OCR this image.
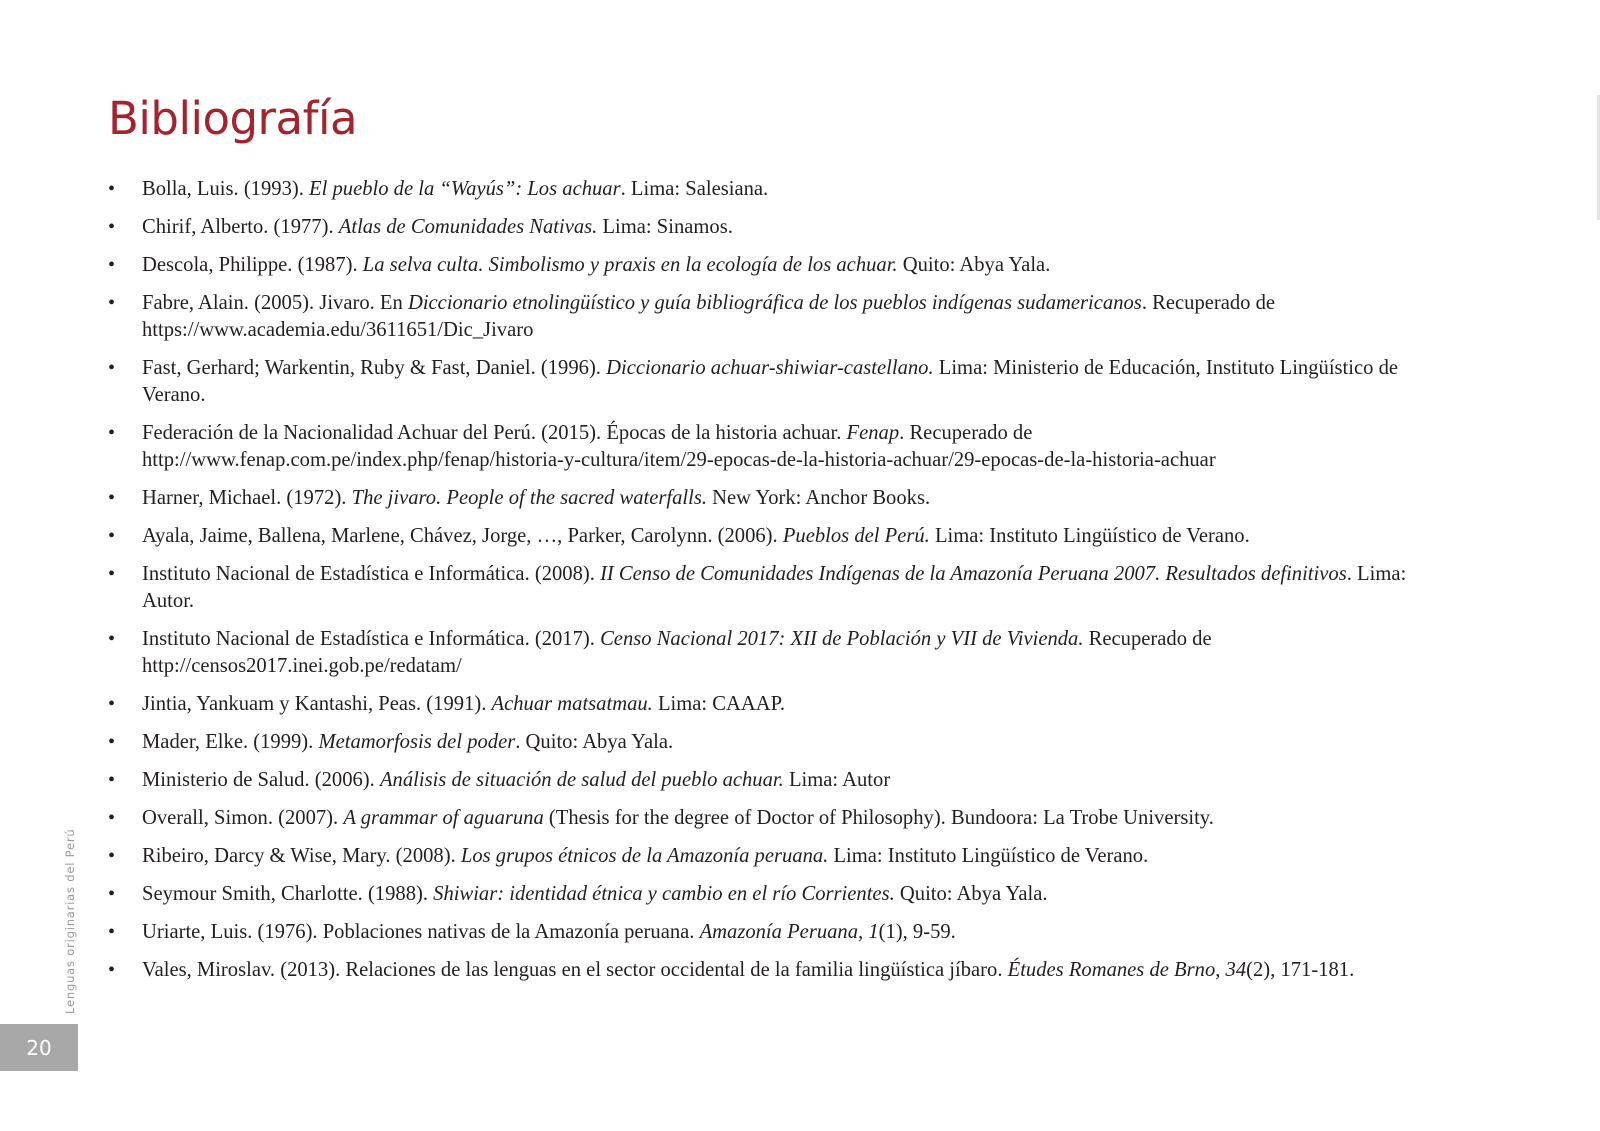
Bibliografía
• Bolla, Luis. (1993). El pueblo de la “Wayús”: Los achuar. Lima: Salesiana.
• Chirif, Alberto. (1977). Atlas de Comunidades Nativas. Lima: Sinamos.
• Descola, Philippe. (1987). La selva culta. Simbolismo y praxis en la ecología de los achuar. Quito: Abya Yala.
• Fabre, Alain. (2005). Jivaro. En Diccionario etnolingüístico y guía bibliográfica de los pueblos indígenas sudamericanos. Recuperado de https://www.academia.edu/3611651/Dic_Jivaro
• Fast, Gerhard; Warkentin, Ruby & Fast, Daniel. (1996). Diccionario achuar-shiwiar-castellano. Lima: Ministerio de Educación, Instituto Lingüístico de Verano.
• Federación de la Nacionalidad Achuar del Perú. (2015). Épocas de la historia achuar. Fenap. Recuperado de http://www.fenap.com.pe/index.php/fenap/historia-y-cultura/item/29-epocas-de-la-historia-achuar/29-epocas-de-la-historia-achuar
• Harner, Michael. (1972). The jivaro. People of the sacred waterfalls. New York: Anchor Books.
• Ayala, Jaime, Ballena, Marlene, Chávez, Jorge, …, Parker, Carolynn. (2006). Pueblos del Perú. Lima: Instituto Lingüístico de Verano.
• Instituto Nacional de Estadística e Informática. (2008). II Censo de Comunidades Indígenas de la Amazonía Peruana 2007. Resultados definitivos. Lima: Autor.
• Instituto Nacional de Estadística e Informática. (2017). Censo Nacional 2017: XII de Población y VII de Vivienda. Recuperado de http://censos2017.inei.gob.pe/redatam/
• Jintia, Yankuam y Kantashi, Peas. (1991). Achuar matsatmau. Lima: CAAAP.
• Mader, Elke. (1999). Metamorfosis del poder. Quito: Abya Yala.
• Ministerio de Salud. (2006). Análisis de situación de salud del pueblo achuar. Lima: Autor
• Overall, Simon. (2007). A grammar of aguaruna (Thesis for the degree of Doctor of Philosophy). Bundoora: La Trobe University.
• Ribeiro, Darcy & Wise, Mary. (2008). Los grupos étnicos de la Amazonía peruana. Lima: Instituto Lingüístico de Verano.
• Seymour Smith, Charlotte. (1988). Shiwiar: identidad étnica y cambio en el río Corrientes. Quito: Abya Yala.
• Uriarte, Luis. (1976). Poblaciones nativas de la Amazonía peruana. Amazonía Peruana, 1(1), 9-59.
• Vales, Miroslav. (2013). Relaciones de las lenguas en el sector occidental de la familia lingüística jíbaro. Études Romanes de Brno, 34(2), 171-181.
Lenguas originarias del Perú
20
